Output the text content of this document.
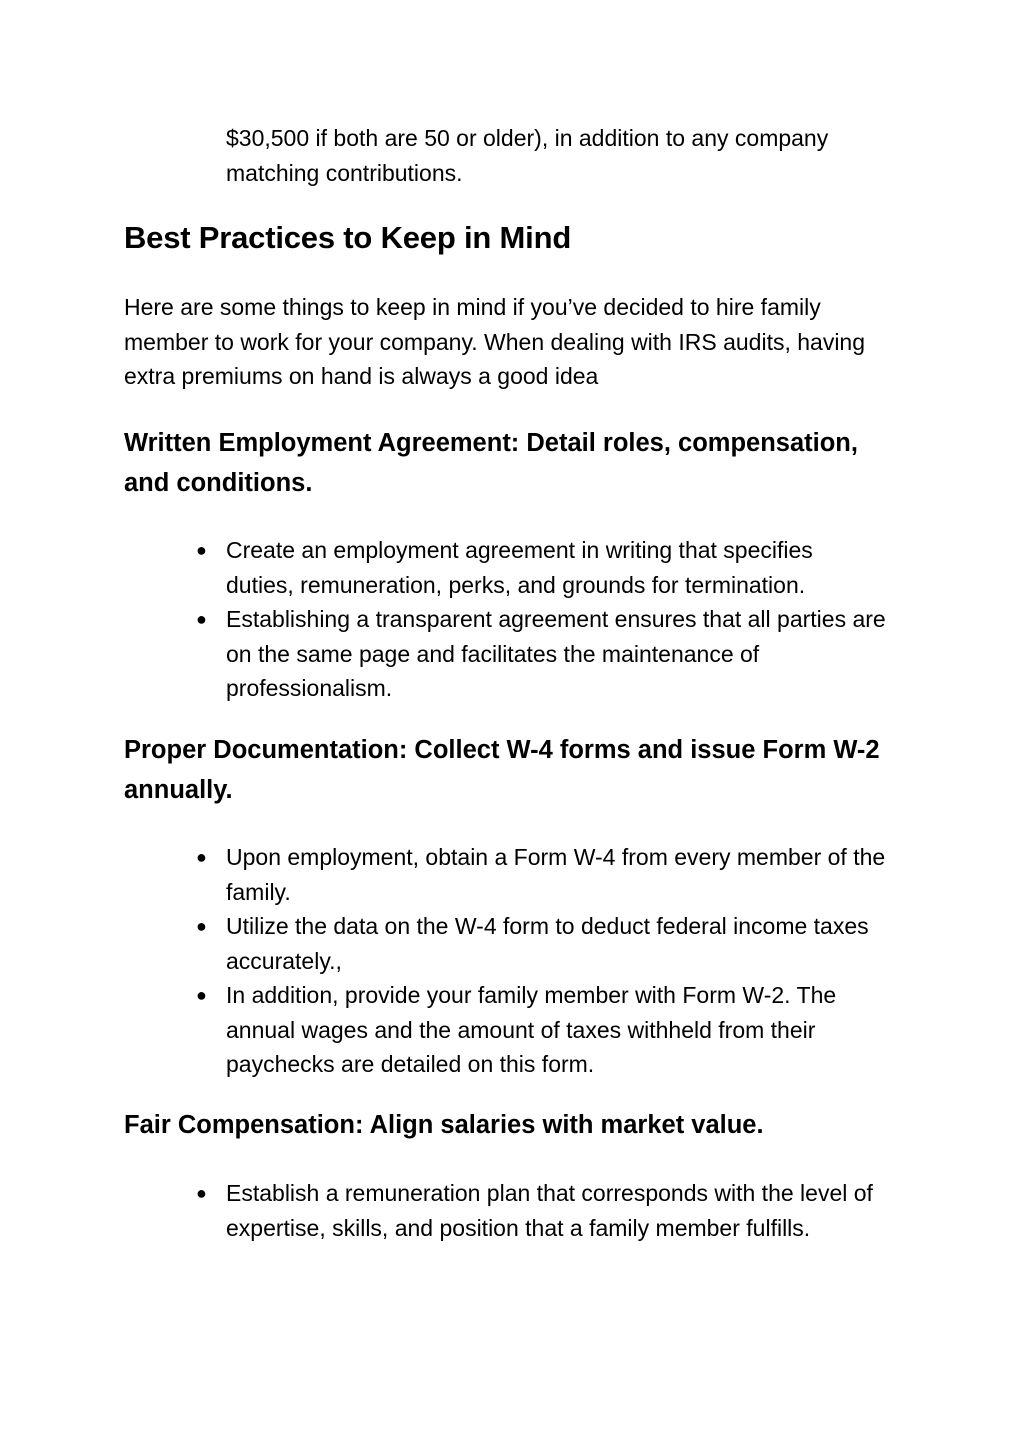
$30,500 if both are 50 or older), in addition to any company matching contributions.

Best Practices to Keep in Mind

Here are some things to keep in mind if you’ve decided to hire family member to work for your company. When dealing with IRS audits, having extra premiums on hand is always a good idea

Written Employment Agreement: Detail roles, compensation, and conditions.
● Create an employment agreement in writing that specifies duties, remuneration, perks, and grounds for termination.
● Establishing a transparent agreement ensures that all parties are on the same page and facilitates the maintenance of professionalism.
Proper Documentation: Collect W-4 forms and issue Form W-2 annually.
● Upon employment, obtain a Form W-4 from every member of the family.
● Utilize the data on the W-4 form to deduct federal income taxes accurately.,
● In addition, provide your family member with Form W-2. The annual wages and the amount of taxes withheld from their paychecks are detailed on this form.
Fair Compensation: Align salaries with market value.
● Establish a remuneration plan that corresponds with the level of expertise, skills, and position that a family member fulfills.
